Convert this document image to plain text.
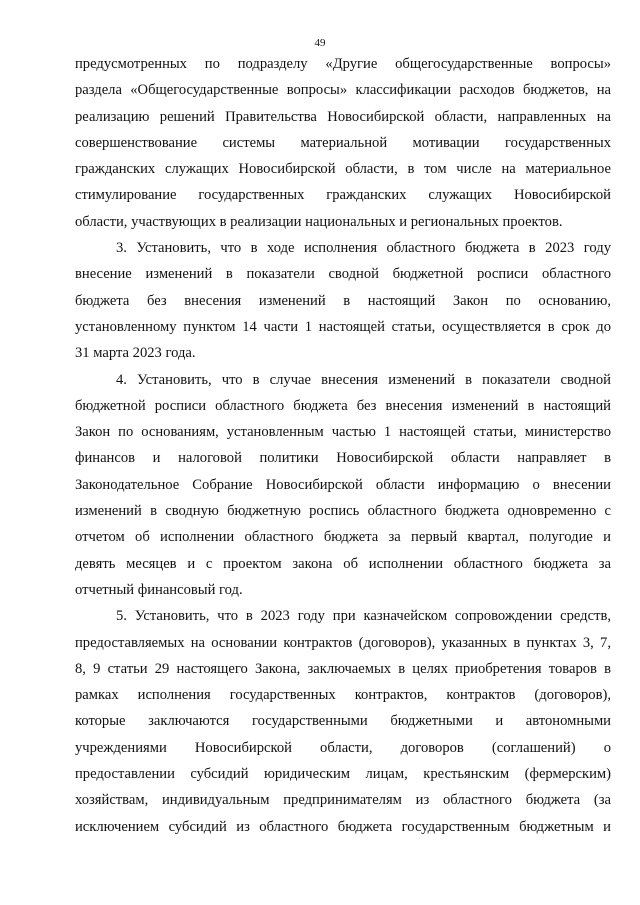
49
предусмотренных по подразделу «Другие общегосударственные вопросы»
раздела «Общегосударственные вопросы» классификации расходов бюджетов, на
реализацию решений Правительства Новосибирской области, направленных на
совершенствование системы материальной мотивации государственных
гражданских служащих Новосибирской области, в том числе на материальное
стимулирование государственных гражданских служащих Новосибирской
области, участвующих в реализации национальных и региональных проектов.
3. Установить, что в ходе исполнения областного бюджета в 2023 году
внесение изменений в показатели сводной бюджетной росписи областного
бюджета без внесения изменений в настоящий Закон по основанию,
установленному пунктом 14 части 1 настоящей статьи, осуществляется в срок до
31 марта 2023 года.
4. Установить, что в случае внесения изменений в показатели сводной
бюджетной росписи областного бюджета без внесения изменений в настоящий
Закон по основаниям, установленным частью 1 настоящей статьи, министерство
финансов и налоговой политики Новосибирской области направляет в
Законодательное Собрание Новосибирской области информацию о внесении
изменений в сводную бюджетную роспись областного бюджета одновременно с
отчетом об исполнении областного бюджета за первый квартал, полугодие и
девять месяцев и с проектом закона об исполнении областного бюджета за
отчетный финансовый год.
5. Установить, что в 2023 году при казначейском сопровождении средств,
предоставляемых на основании контрактов (договоров), указанных в пунктах 3, 7,
8, 9 статьи 29 настоящего Закона, заключаемых в целях приобретения товаров в
рамках исполнения государственных контрактов, контрактов (договоров),
которые заключаются государственными бюджетными и автономными
учреждениями Новосибирской области, договоров (соглашений) о
предоставлении субсидий юридическим лицам, крестьянским (фермерским)
хозяйствам, индивидуальным предпринимателям из областного бюджета (за
исключением субсидий из областного бюджета государственным бюджетным и
